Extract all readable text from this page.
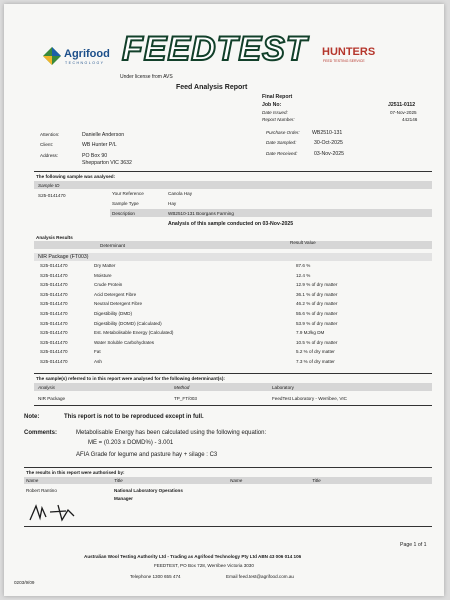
Agrifood
TECHNOLOGY FEEDTEST
Under license from AVS
HUNTERS
FEED TESTING SERVICE
Feed Analysis Report
Final Report
Job No:	J2511-0112
Date Issued:	07-Nov-2025
Report Number:	442146
Attention:	Danielle Anderson
Client:	WB Hunter P/L
Address:	PO Box 90
Shepparton VIC 3632
Purchase Order: WB2510-131
Date Sampled:	30-Oct-2025
Date Received:	03-Nov-2025
The following sample was analysed:
Sample ID
S25-0141470	Your Reference	Canola Hay
Sample Type	Hay
Description	WB2510-131 Boorgans Farming
Analysis of this sample conducted on 03-Nov-2025
Analysis Results
Determinant
Result Value
NIR Package (FT003)
S25-0141470	Dry Matter	87.6 %
S25-0141470	Moisture	12.4 %
S25-0141470	Crude Protein	12.9 % of dry matter
S25-0141470	Acid Detergent Fibre	36.1 % of dry matter
S25-0141470	Neutral Detergent Fibre	46.2 % of dry matter
S25-0141470	Digestibility (DMD)	55.6 % of dry matter
S25-0141470	Digestibility (DOMD) (Calculated)	53.9 % of dry matter
S25-0141470	Est. Metabolisable Energy (Calculated)	7.9 MJ/kg DM
S25-0141470	Water Soluble Carbohydrates	10.5 % of dry matter
S25-0141470	Fat	5.2 % of dry matter
S25-0141470	Ash	7.3 % of dry matter
The sample(s) referred to in this report were analysed for the following determinant(s):
Analysis	Method	Laboratory
NIR Package	TP_FT/003	FeedTest Laboratory - Werribee, VIC
Note:	This report is not to be reproduced except in full.
Comments:	Metabolisable Energy has been calculated using the following equation:
ME = (0.203 x DOMD%) - 3.001
AFIA Grade for legume and pasture hay + silage : C3
The results in this report were authorised by:
Name	Title	Name	Title
Robert Rantino	National Laboratory Operations
Manager
Page 1 of 1
Australian Wool Testing Authority Ltd - Trading as Agrifood Technology Pty Ltd ABN 43 006 014 106
FEEDTEST, PO Box 728, Werribee Victoria 3030
Telephone 1300 655 474	Email feed.test@agrifood.com.au
0203/9/09
